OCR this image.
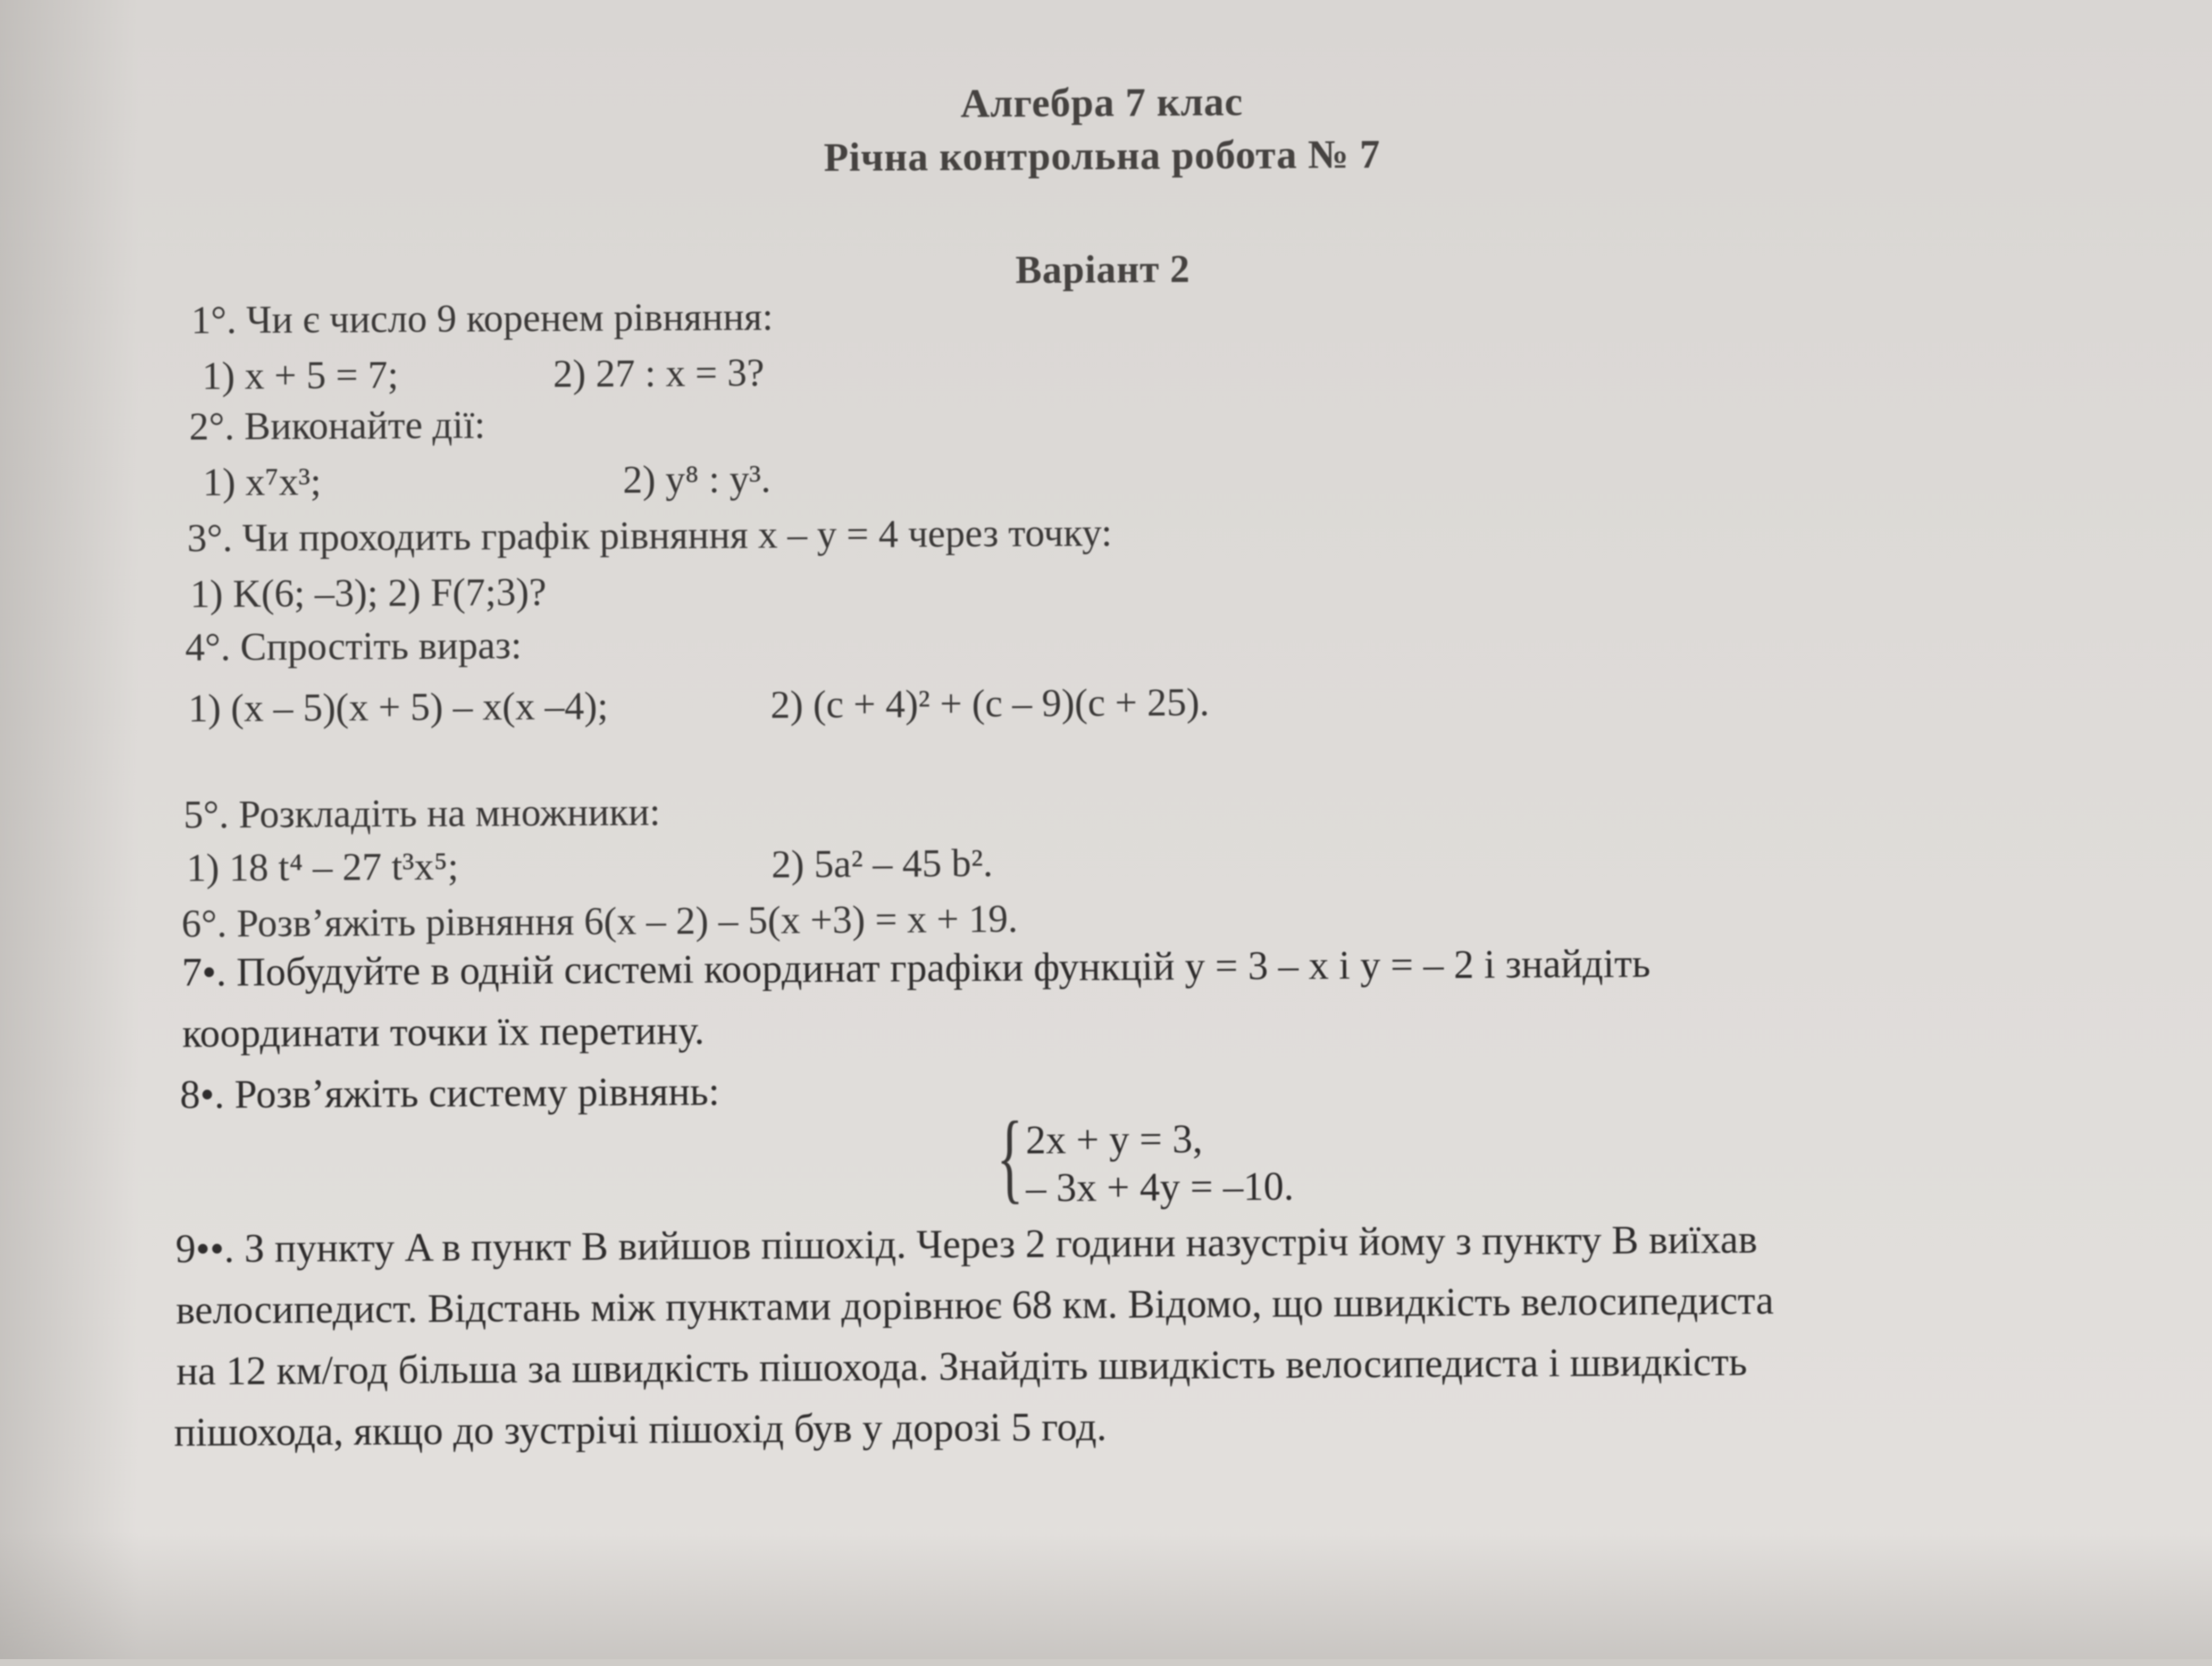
Алгебра 7 клас
Річна контрольна робота № 7
Варіант 2
1°. Чи є число 9 коренем рівняння:
1) x + 5 = 7;	2) 27 : x = 3?
2°. Виконайте дії:
1) x⁷x³;	2) y⁸ : y³.
3°. Чи проходить графік рівняння x – y = 4 через точку:
1) K(6; –3); 2) F(7;3)?
4°. Спростіть вираз:
1) (x – 5)(x + 5) – x(x –4);	2) (c + 4)² + (c – 9)(c + 25).
5°. Розкладіть на множники:
1) 18 t⁴ – 27 t³x⁵;	2) 5a² – 45 b².
6°. Розв’яжіть рівняння 6(x – 2) – 5(x +3) = x + 19.
7•. Побудуйте в одній системі координат графіки функцій y = 3 – x і y = – 2 і знайдіть
координати точки їх перетину.
8•. Розв’яжіть систему рівнянь:
{ 2x + y = 3,
– 3x + 4y = –10.
9••. З пункту A в пункт B вийшов пішохід. Через 2 години назустріч йому з пункту B виїхав
велосипедист. Відстань між пунктами дорівнює 68 км. Відомо, що швидкість велосипедиста
на 12 км/год більша за швидкість пішохода. Знайдіть швидкість велосипедиста і швидкість
пішохода, якщо до зустрічі пішохід був у дорозі 5 год.
